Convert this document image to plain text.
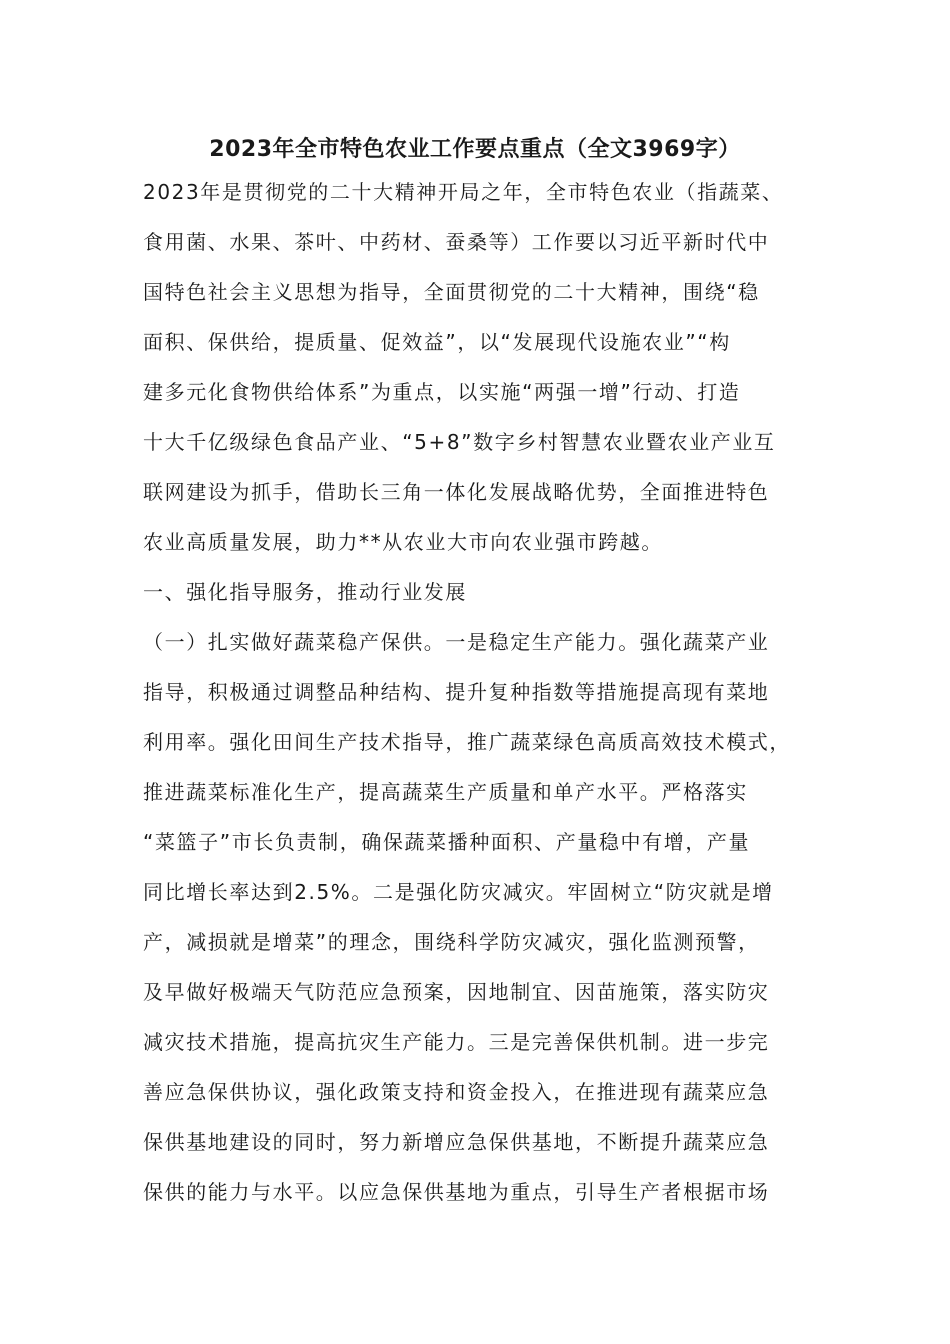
2023年全市特色农业工作要点重点（全文3969字）

2023年是贯彻党的二十大精神开局之年，全市特色农业（指蔬菜、

食用菌、水果、茶叶、中药材、蚕桑等）工作要以习近平新时代中

国特色社会主义思想为指导，全面贯彻党的二十大精神，围绕“稳

面积、保供给，提质量、促效益”，以“发展现代设施农业”“构

建多元化食物供给体系”为重点，以实施“两强一增”行动、打造

十大千亿级绿色食品产业、“5+8”数字乡村智慧农业暨农业产业互

联网建设为抓手，借助长三角一体化发展战略优势，全面推进特色

农业高质量发展，助力**从农业大市向农业强市跨越。

一、强化指导服务，推动行业发展

（一）扎实做好蔬菜稳产保供。一是稳定生产能力。强化蔬菜产业

指导，积极通过调整品种结构、提升复种指数等措施提高现有菜地

利用率。强化田间生产技术指导，推广蔬菜绿色高质高效技术模式，

推进蔬菜标准化生产，提高蔬菜生产质量和单产水平。严格落实

“菜篮子”市长负责制，确保蔬菜播种面积、产量稳中有增，产量

同比增长率达到2.5%。二是强化防灾减灾。牢固树立“防灾就是增

产，减损就是增菜”的理念，围绕科学防灾减灾，强化监测预警，

及早做好极端天气防范应急预案，因地制宜、因苗施策，落实防灾

减灾技术措施，提高抗灾生产能力。三是完善保供机制。进一步完

善应急保供协议，强化政策支持和资金投入，在推进现有蔬菜应急

保供基地建设的同时，努力新增应急保供基地，不断提升蔬菜应急

保供的能力与水平。以应急保供基地为重点，引导生产者根据市场
